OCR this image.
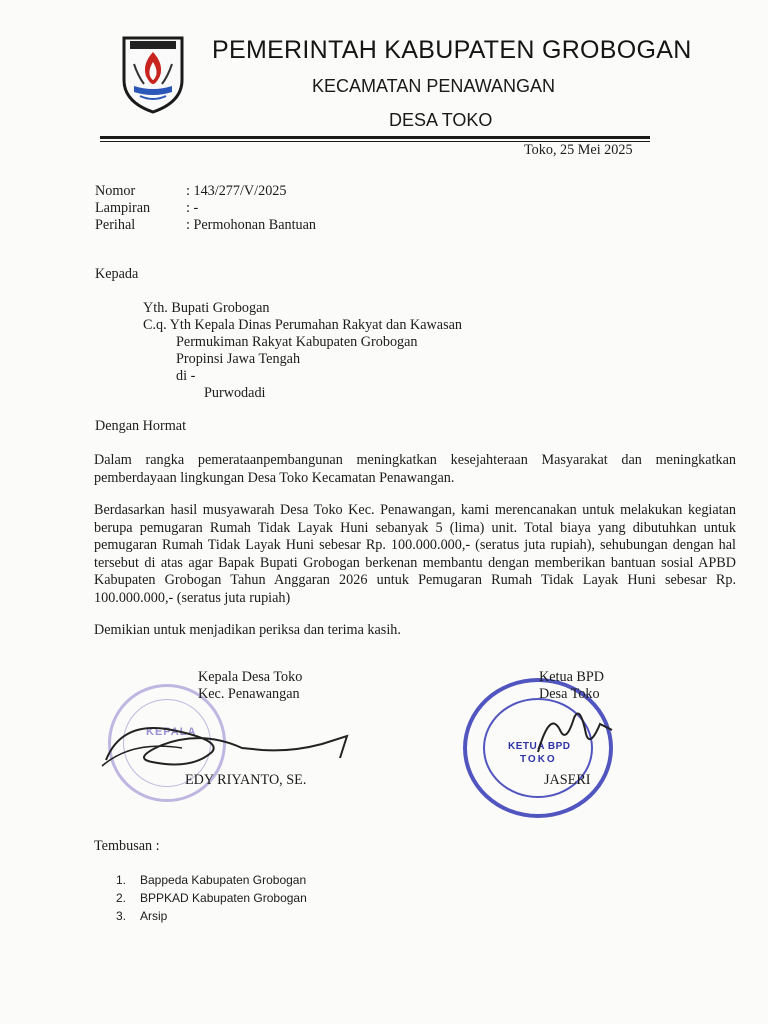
PEMERINTAH KABUPATEN GROBOGAN
KECAMATAN PENAWANGAN
DESA TOKO
Toko, 25 Mei 2025
Nomor	: 143/277/V/2025
Lampiran	: -
Perihal	: Permohonan Bantuan
Kepada
Yth. Bupati Grobogan
C.q. Yth Kepala Dinas Perumahan Rakyat dan Kawasan
Permukiman Rakyat Kabupaten Grobogan
Propinsi Jawa Tengah
di -
Purwodadi
Dengan Hormat
Dalam rangka pemerataanpembangunan meningkatkan kesejahteraan Masyarakat dan meningkatkan pemberdayaan lingkungan Desa Toko Kecamatan Penawangan.
Berdasarkan hasil musyawarah Desa Toko Kec. Penawangan, kami merencanakan untuk melakukan kegiatan berupa pemugaran Rumah Tidak Layak Huni sebanyak 5 (lima) unit. Total biaya yang dibutuhkan untuk pemugaran Rumah Tidak Layak Huni sebesar Rp. 100.000.000,- (seratus juta rupiah), sehubungan dengan hal tersebut di atas agar Bapak Bupati Grobogan berkenan membantu dengan memberikan bantuan sosial APBD Kabupaten Grobogan Tahun Anggaran 2026 untuk Pemugaran Rumah Tidak Layak Huni sebesar Rp. 100.000.000,- (seratus juta rupiah)
Demikian untuk menjadikan periksa dan terima kasih.
KEPALA
KETUA BPD
TOKO
Kepala Desa Toko
Kec. Penawangan
EDY RIYANTO, SE.
Ketua BPD
Desa Toko
JASERI
Tembusan :
1. Bappeda Kabupaten Grobogan
2. BPPKAD Kabupaten Grobogan
3. Arsip
